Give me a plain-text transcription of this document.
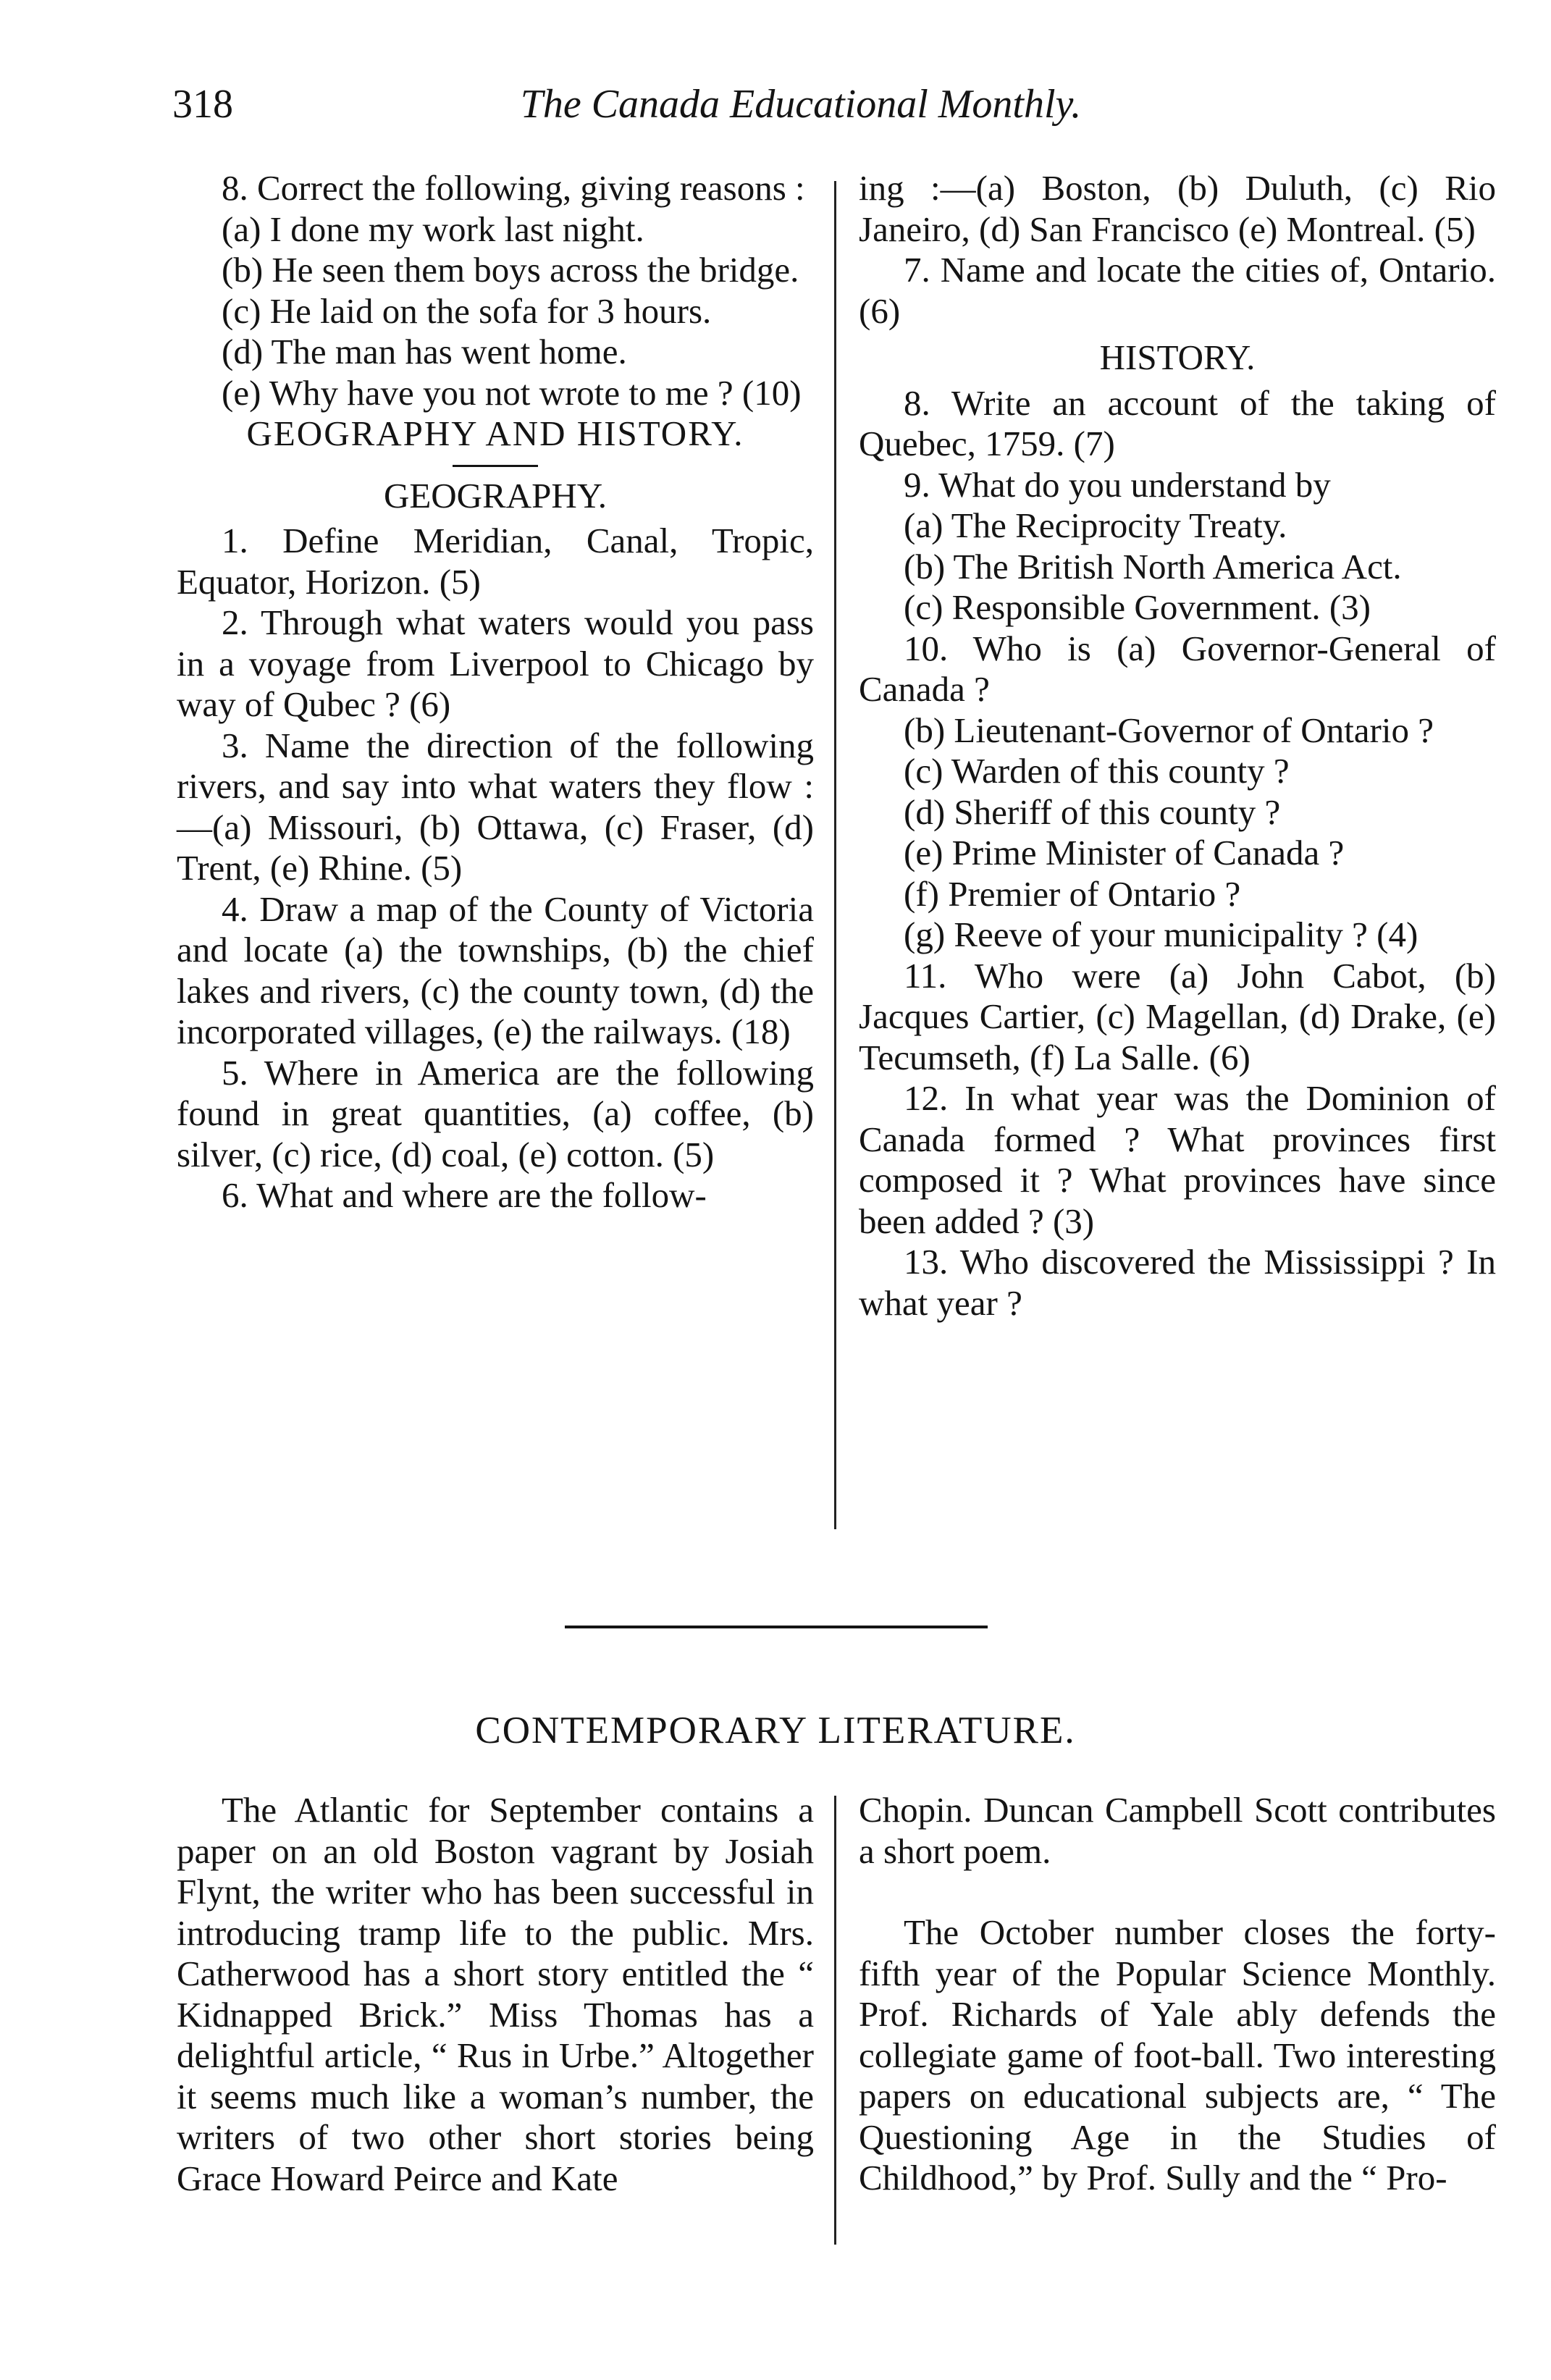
318	The Canada Educational Monthly.

8. Correct the following, giving reasons :

(a) I done my work last night.

(b) He seen them boys across the bridge.

(c) He laid on the sofa for 3 hours.

(d) The man has went home.

(e) Why have you not wrote to me ? (10)

GEOGRAPHY AND HISTORY.

GEOGRAPHY.

1. Define Meridian, Canal, Tropic, Equator, Horizon. (5)

2. Through what waters would you pass in a voyage from Liverpool to Chicago by way of Qubec ? (6)

3. Name the direction of the following rivers, and say into what waters they flow :—(a) Missouri, (b) Ottawa, (c) Fraser, (d) Trent, (e) Rhine. (5)

4. Draw a map of the County of Victoria and locate (a) the townships, (b) the chief lakes and rivers, (c) the county town, (d) the incorporated villages, (e) the railways. (18)

5. Where in America are the following found in great quantities, (a) coffee, (b) silver, (c) rice, (d) coal, (e) cotton. (5)

6. What and where are the follow-

ing :—(a) Boston, (b) Duluth, (c) Rio Janeiro, (d) San Francisco (e) Montreal. (5)

7. Name and locate the cities of, Ontario. (6)

HISTORY.

8. Write an account of the taking of Quebec, 1759. (7)

9. What do you understand by

(a) The Reciprocity Treaty.

(b) The British North America Act.

(c) Responsible Government. (3)

10. Who is (a) Governor-General of Canada ?

(b) Lieutenant-Governor of Ontario ?

(c) Warden of this county ?

(d) Sheriff of this county ?

(e) Prime Minister of Canada ?

(f) Premier of Ontario ?

(g) Reeve of your municipality ? (4)

11. Who were (a) John Cabot, (b) Jacques Cartier, (c) Magellan, (d) Drake, (e) Tecumseth, (f) La Salle. (6)

12. In what year was the Dominion of Canada formed ? What provinces first composed it ? What provinces have since been added ? (3)

13. Who discovered the Mississippi ? In what year ?

CONTEMPORARY LITERATURE.

The Atlantic for September contains a paper on an old Boston vagrant by Josiah Flynt, the writer who has been successful in introducing tramp life to the public. Mrs. Catherwood has a short story entitled the “ Kidnapped Brick.” Miss Thomas has a delightful article, “ Rus in Urbe.” Altogether it seems much like a woman’s number, the writers of two other short stories being Grace Howard Peirce and Kate

Chopin. Duncan Campbell Scott contributes a short poem.

The October number closes the forty-fifth year of the Popular Science Monthly. Prof. Richards of Yale ably defends the collegiate game of foot-ball. Two interesting papers on educational subjects are, “ The Questioning Age in the Studies of Childhood,” by Prof. Sully and the “ Pro-
